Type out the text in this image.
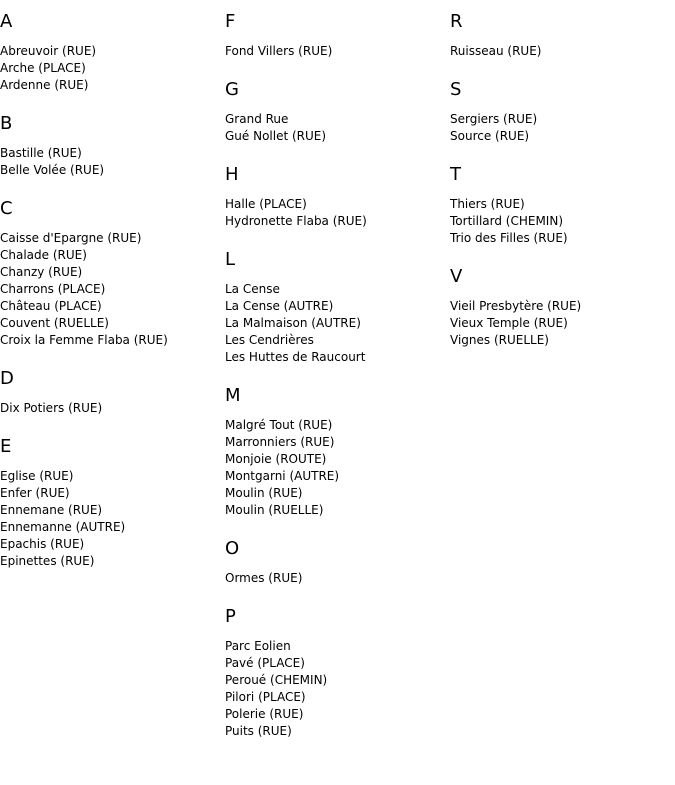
A
Abreuvoir (RUE)
Arche (PLACE)
Ardenne (RUE)
B
Bastille (RUE)
Belle Volée (RUE)
C
Caisse d'Epargne (RUE)
Chalade (RUE)
Chanzy (RUE)
Charrons (PLACE)
Château (PLACE)
Couvent (RUELLE)
Croix la Femme Flaba (RUE)
D
Dix Potiers (RUE)
E
Eglise (RUE)
Enfer (RUE)
Ennemane (RUE)
Ennemanne (AUTRE)
Epachis (RUE)
Epinettes (RUE)
F
Fond Villers (RUE)
G
Grand Rue
Gué Nollet (RUE)
H
Halle (PLACE)
Hydronette Flaba (RUE)
L
La Cense
La Cense (AUTRE)
La Malmaison (AUTRE)
Les Cendrières
Les Huttes de Raucourt
M
Malgré Tout (RUE)
Marronniers (RUE)
Monjoie (ROUTE)
Montgarni (AUTRE)
Moulin (RUE)
Moulin (RUELLE)
O
Ormes (RUE)
P
Parc Eolien
Pavé (PLACE)
Peroué (CHEMIN)
Pilori (PLACE)
Polerie (RUE)
Puits (RUE)
R
Ruisseau (RUE)
S
Sergiers (RUE)
Source (RUE)
T
Thiers (RUE)
Tortillard (CHEMIN)
Trio des Filles (RUE)
V
Vieil Presbytère (RUE)
Vieux Temple (RUE)
Vignes (RUELLE)
